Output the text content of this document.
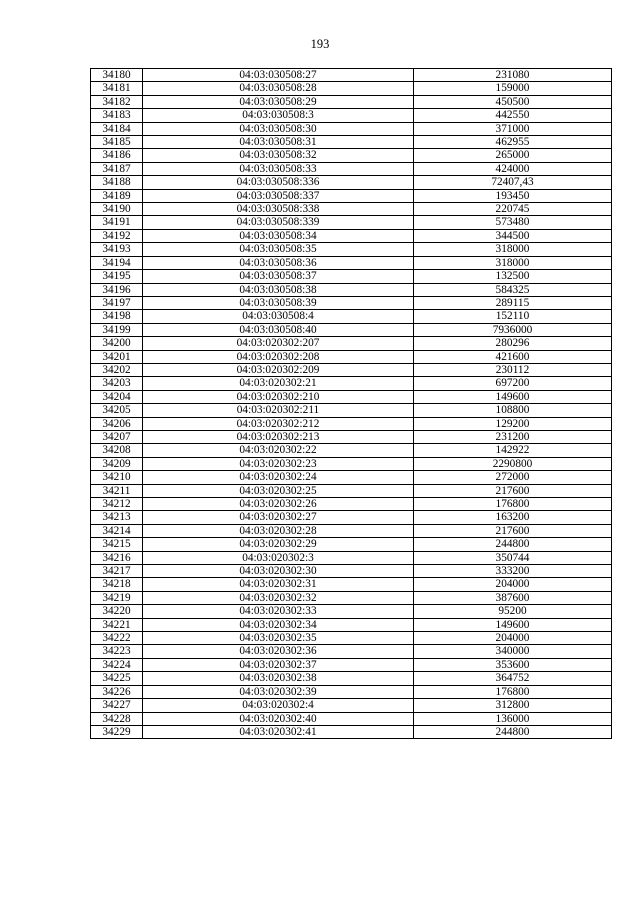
193
34180	04:03:030508:27	231080
34181	04:03:030508:28	159000
34182	04:03:030508:29	450500
34183	04:03:030508:3	442550
34184	04:03:030508:30	371000
34185	04:03:030508:31	462955
34186	04:03:030508:32	265000
34187	04:03:030508:33	424000
34188	04:03:030508:336	72407,43
34189	04:03:030508:337	193450
34190	04:03:030508:338	220745
34191	04:03:030508:339	573480
34192	04:03:030508:34	344500
34193	04:03:030508:35	318000
34194	04:03:030508:36	318000
34195	04:03:030508:37	132500
34196	04:03:030508:38	584325
34197	04:03:030508:39	289115
34198	04:03:030508:4	152110
34199	04:03:030508:40	7936000
34200	04:03:020302:207	280296
34201	04:03:020302:208	421600
34202	04:03:020302:209	230112
34203	04:03:020302:21	697200
34204	04:03:020302:210	149600
34205	04:03:020302:211	108800
34206	04:03:020302:212	129200
34207	04:03:020302:213	231200
34208	04:03:020302:22	142922
34209	04:03:020302:23	2290800
34210	04:03:020302:24	272000
34211	04:03:020302:25	217600
34212	04:03:020302:26	176800
34213	04:03:020302:27	163200
34214	04:03:020302:28	217600
34215	04:03:020302:29	244800
34216	04:03:020302:3	350744
34217	04:03:020302:30	333200
34218	04:03:020302:31	204000
34219	04:03:020302:32	387600
34220	04:03:020302:33	95200
34221	04:03:020302:34	149600
34222	04:03:020302:35	204000
34223	04:03:020302:36	340000
34224	04:03:020302:37	353600
34225	04:03:020302:38	364752
34226	04:03:020302:39	176800
34227	04:03:020302:4	312800
34228	04:03:020302:40	136000
34229	04:03:020302:41	244800
